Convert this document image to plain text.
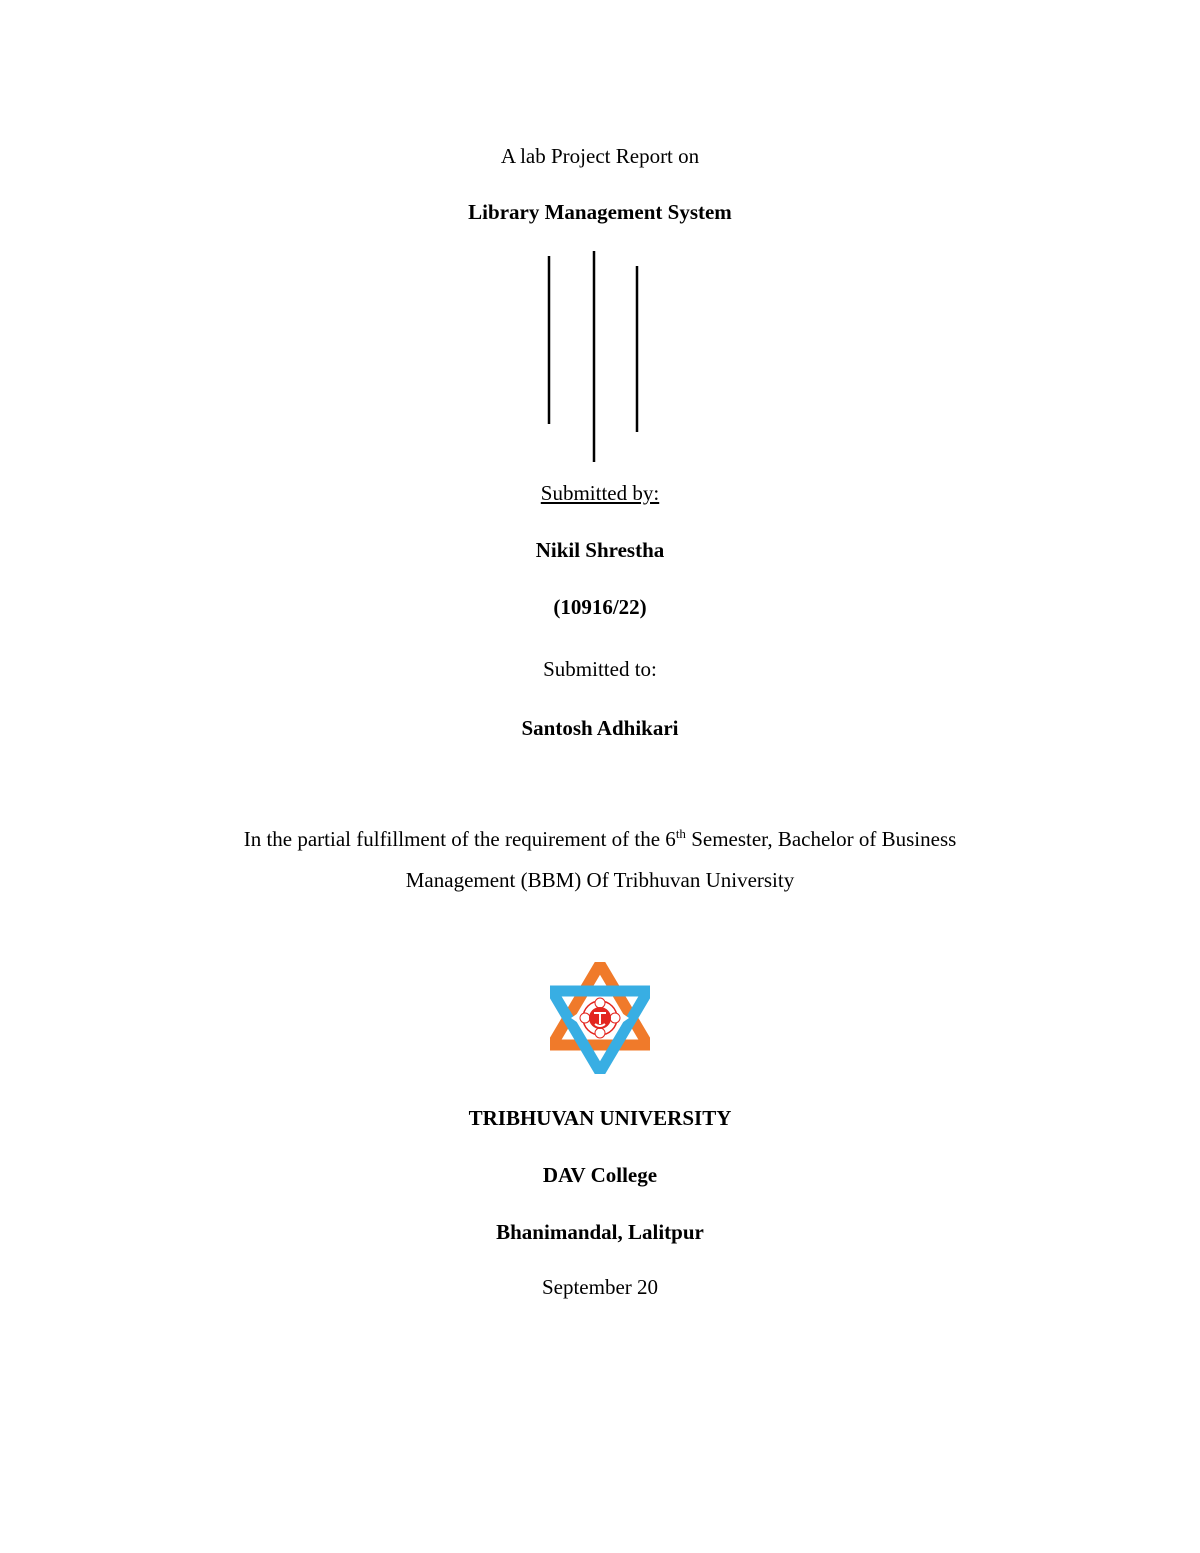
A lab Project Report on
Library Management System
Submitted by:
Nikil Shrestha
(10916/22)
Submitted to:
Santosh Adhikari
In the partial fulfillment of the requirement of the 6th Semester, Bachelor of Business
Management (BBM) Of Tribhuvan University
TRIBHUVAN UNIVERSITY
DAV College
Bhanimandal, Lalitpur
September 20
